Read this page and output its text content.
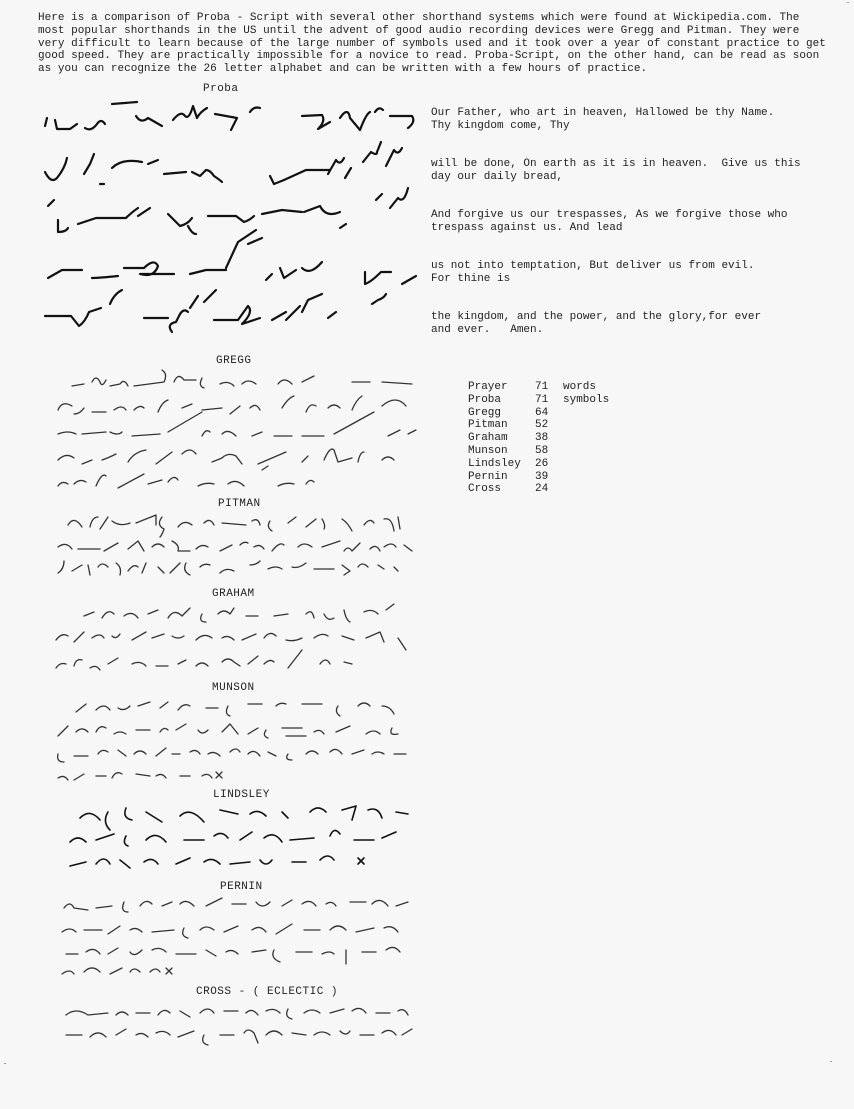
Here is a comparison of Proba - Script with several other shorthand systems which were found at Wickipedia.com. The most popular shorthands in the US until the advent of good audio recording devices were Gregg and Pitman. They were very difficult to learn because of the large number of symbols used and it took over a year of constant practice to get good speed. They are practically impossible for a novice to read. Proba-Script, on the other hand, can be read as soon as you can recognize the 26 letter alphabet and can be written with a few hours of practice.
Proba
Our Father, who art in heaven, Hallowed be thy Name.
Thy kingdom come, Thy
will be done, On earth as it is in heaven.  Give us this
day our daily bread,
And forgive us our trespasses, As we forgive those who
trespass against us. And lead
us not into temptation, But deliver us from evil.
For thine is
the kingdom, and the power, and the glory,for ever
and ever.   Amen.
GREGG
PITMAN
GRAHAM
MUNSON
LINDSLEY
PERNIN
CROSS - ( ECLECTIC )
Prayer 71 words
Proba	71 symbols
Gregg	64
Pitman 52
Graham 38
Munson 58
Lindsley 26
Pernin 39
Cross	24
